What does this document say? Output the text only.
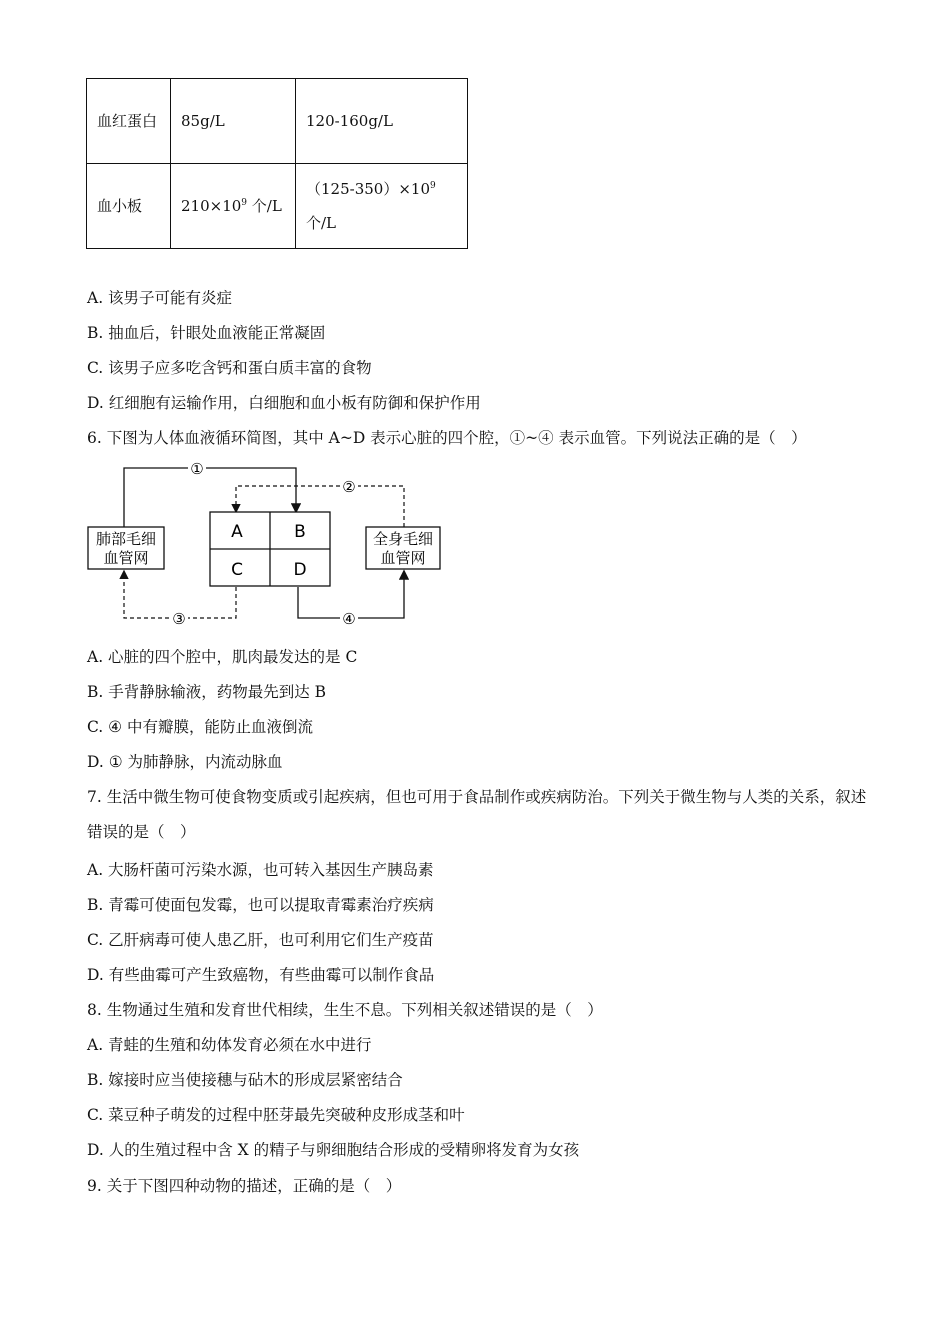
血红蛋白	85g/L	120-160g/L
血小板	$210\times 10^9$ 个/L	$(125-350)\times 10^9$
个/L
A. 该男子可能有炎症
B. 抽血后，针眼处血液能正常凝固
C. 该男子应多吃含钙和蛋白质丰富的食物
D. 红细胞有运输作用，白细胞和血小板有防御和保护作用
6. 下图为人体血液循环简图，其中 A~D 表示心脏的四个腔，①~④ 表示血管。下列说法正确的是（　）
肺部毛细
血管网
全身毛细
血管网
A	B
C	D
①
②
③	④
A. 心脏的四个腔中，肌肉最发达的是 C
B. 手背静脉输液，药物最先到达 B
C. ④ 中有瓣膜，能防止血液倒流
D. ① 为肺静脉，内流动脉血
7. 生活中微生物可使食物变质或引起疾病，但也可用于食品制作或疾病防治。下列关于微生物与人类的关系，叙述错误的是（　）
A. 大肠杆菌可污染水源，也可转入基因生产胰岛素
B. 青霉可使面包发霉，也可以提取青霉素治疗疾病
C. 乙肝病毒可使人患乙肝，也可利用它们生产疫苗
D. 有些曲霉可产生致癌物，有些曲霉可以制作食品
8. 生物通过生殖和发育世代相续，生生不息。下列相关叙述错误的是（　）
A. 青蛙的生殖和幼体发育必须在水中进行
B. 嫁接时应当使接穗与砧木的形成层紧密结合
C. 菜豆种子萌发的过程中胚芽最先突破种皮形成茎和叶
D. 人的生殖过程中含 X 的精子与卵细胞结合形成的受精卵将发育为女孩
9. 关于下图四种动物的描述，正确的是（　）
